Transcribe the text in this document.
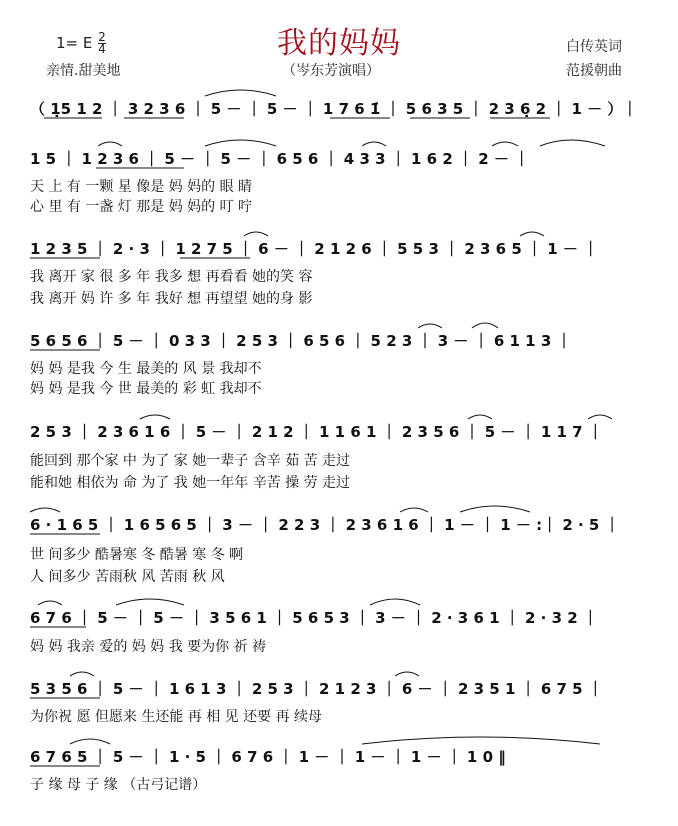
我的妈妈
1= E $\frac{2}{4}$
亲情.甜美地	（岑东芳演唱）
白传英词
范援朝曲
（ 1̣5 1 2 ｜ 3 2 3 6 ｜ 5 － ｜ 5 － ｜ 1 7 6 1̇ ｜ 5 6 3 5 ｜ 2 3 6̣ 2 ｜ 1 － ）｜
1 5 ｜ 1 2 3 6 ｜ 5 － ｜ 5 － ｜ 6 5 6 ｜ 4 3 3 ｜ 1 6 2 ｜ 2 － ｜
天 上 有 一颗 星 像是 妈 妈的 眼 睛
心 里 有 一盏 灯 那是 妈 妈的 叮 咛
1 2 3 5 ｜ 2 · 3 ｜ 1 2 7 5 ｜ 6 － ｜ 2 1 2 6 ｜ 5 5 3 ｜ 2 3 6 5 ｜ 1 － ｜
我 离开 家 很 多 年 我多 想 再看看 她的笑 容
我 离开 妈 许 多 年 我好 想 再望望 她的身 影
5 6 5 6 ｜ 5 － ｜ 0 3 3 ｜ 2 5 3 ｜ 6 5 6 ｜ 5 2 3 ｜ 3 － ｜ 6 1 1 3 ｜
妈 妈 是我 今 生 最美的 风 景 我却不
妈 妈 是我 今 世 最美的 彩 虹 我却不
2 5 3 ｜ 2 3 6 1 6 ｜ 5 － ｜ 2 1 2 ｜ 1 1 6 1 ｜ 2 3 5 6 ｜ 5 － ｜ 1 1 7 ｜
能回到 那个家 中 为了 家 她一辈子 含辛 茹 苦 走过
能和她 相依为 命 为了 我 她一年年 辛苦 操 劳 走过
6 · 1 6 5 ｜ 1 6 5 6 5 ｜ 3 － ｜ 2 2 3 ｜ 2 3 6 1 6 ｜ 1 － ｜ 1 － :｜ 2 · 5 ｜
世 间多少 酷暑寒 冬 酷暑 寒 冬 啊
人 间多少 苦雨秋 风 苦雨 秋 风
6 7 6 ｜ 5 － ｜ 5 － ｜ 3 5 6 1 ｜ 5 6 5 3 ｜ 3 － ｜ 2 · 3 6 1 ｜ 2 · 3 2 ｜
妈 妈 我亲 爱的 妈 妈 我 要为你 祈 祷
5 3 5 6 ｜ 5 － ｜ 1 6 1 3 ｜ 2 5 3 ｜ 2 1 2 3 ｜ 6 － ｜ 2 3 5 1 ｜ 6 7 5 ｜
为你祝 愿 但愿来 生还能 再 相 见 还要 再 续母
6 7 6 5 ｜ 5 － ｜ 1 · 5 ｜ 6 7 6 ｜ 1 － ｜ 1 － ｜ 1 － ｜ 1 0 ‖
子 缘 母 子 缘 （古弓记谱）
